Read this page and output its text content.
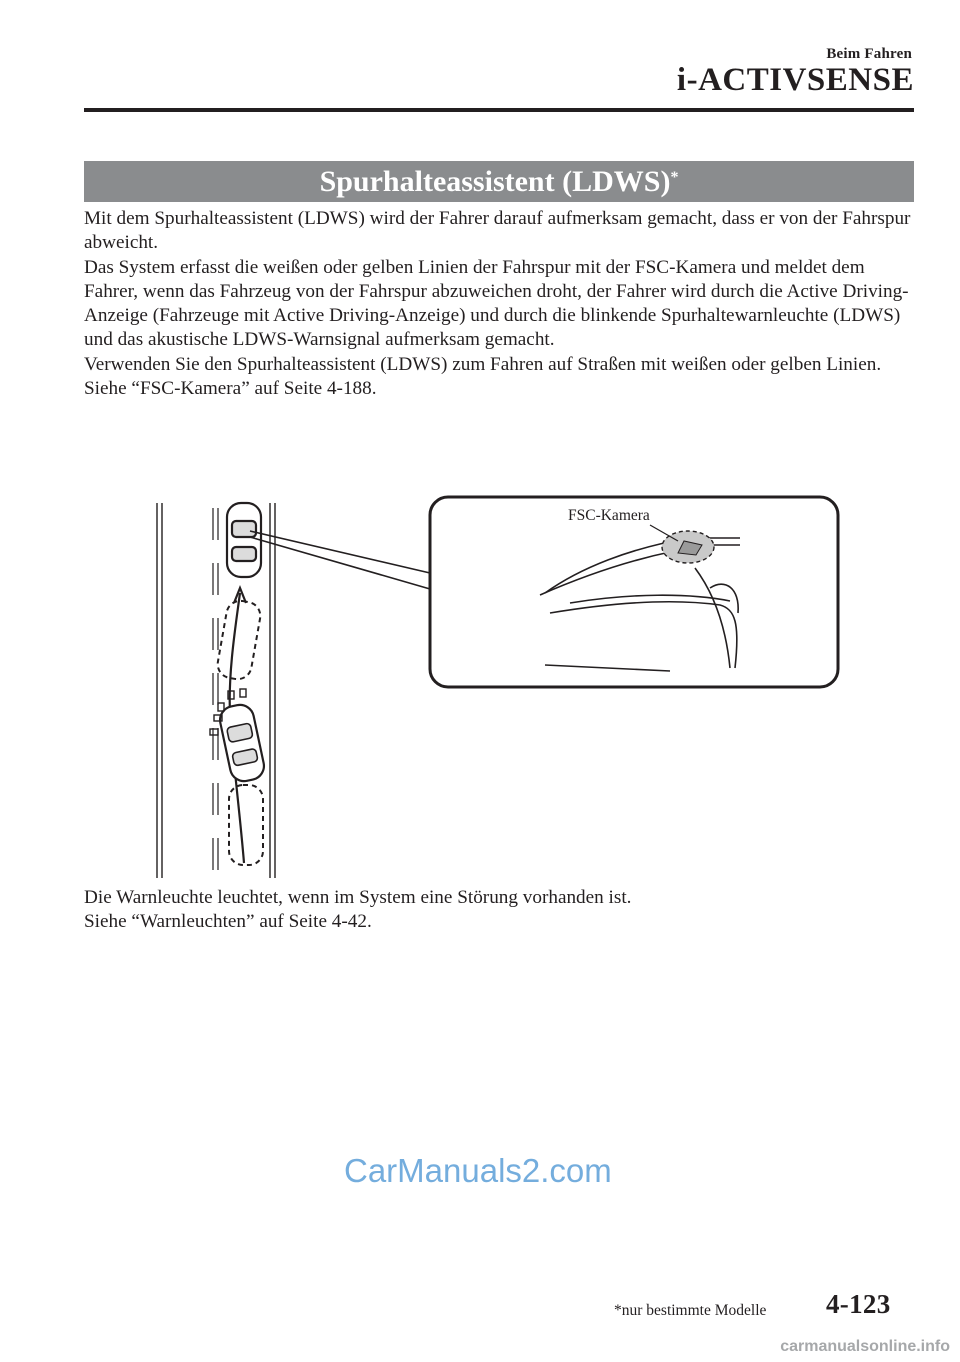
Beim Fahren
i-ACTIVSENSE
Spurhalteassistent (LDWS)*

Mit dem Spurhalteassistent (LDWS) wird der Fahrer darauf aufmerksam gemacht, dass er von der Fahrspur abweicht.

Das System erfasst die weißen oder gelben Linien der Fahrspur mit der FSC-Kamera und meldet dem Fahrer, wenn das Fahrzeug von der Fahrspur abzuweichen droht, der Fahrer wird durch die Active Driving-Anzeige (Fahrzeuge mit Active Driving-Anzeige) und durch die blinkende Spurhaltewarnleuchte (LDWS) und das akustische LDWS-Warnsignal aufmerksam gemacht.

Verwenden Sie den Spurhalteassistent (LDWS) zum Fahren auf Straßen mit weißen oder gelben Linien.

Siehe “FSC-Kamera” auf Seite 4-188.

FSC-Kamera

Die Warnleuchte leuchtet, wenn im System eine Störung vorhanden ist.

Siehe “Warnleuchten” auf Seite 4-42.

CarManuals2.com
*nur bestimmte Modelle 4-123
carmanualsonline.info
